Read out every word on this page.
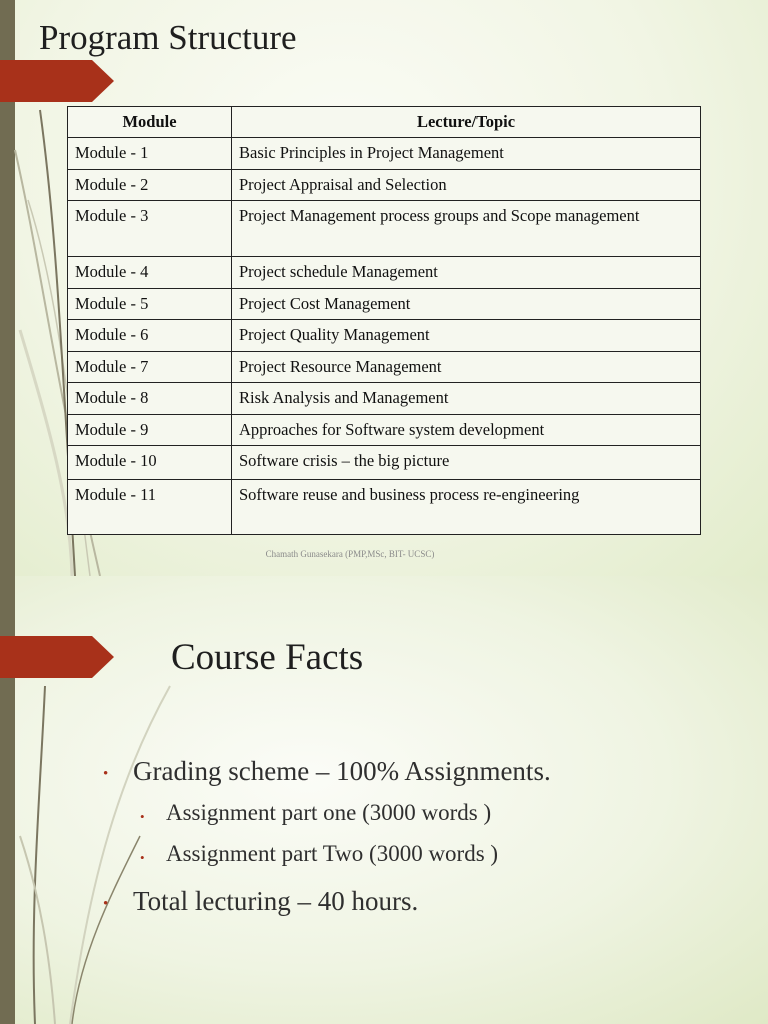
Program Structure
Module	Lecture/Topic
Module - 1	Basic Principles in Project Management
Module - 2	Project Appraisal and Selection
Module - 3	Project Management process groups and Scope management
Module - 4	Project schedule Management
Module - 5	Project Cost Management
Module - 6	Project Quality Management
Module - 7	Project Resource Management
Module - 8	Risk Analysis and Management
Module - 9	Approaches for Software system development
Module - 10	Software crisis – the big picture
Module - 11	Software reuse and business process re-engineering
Chamath Gunasekara (PMP,MSc, BIT- UCSC)
Course Facts
• Grading scheme – 100% Assignments.
• Assignment part one (3000 words )
• Assignment part Two (3000 words )
• Total lecturing – 40 hours.
